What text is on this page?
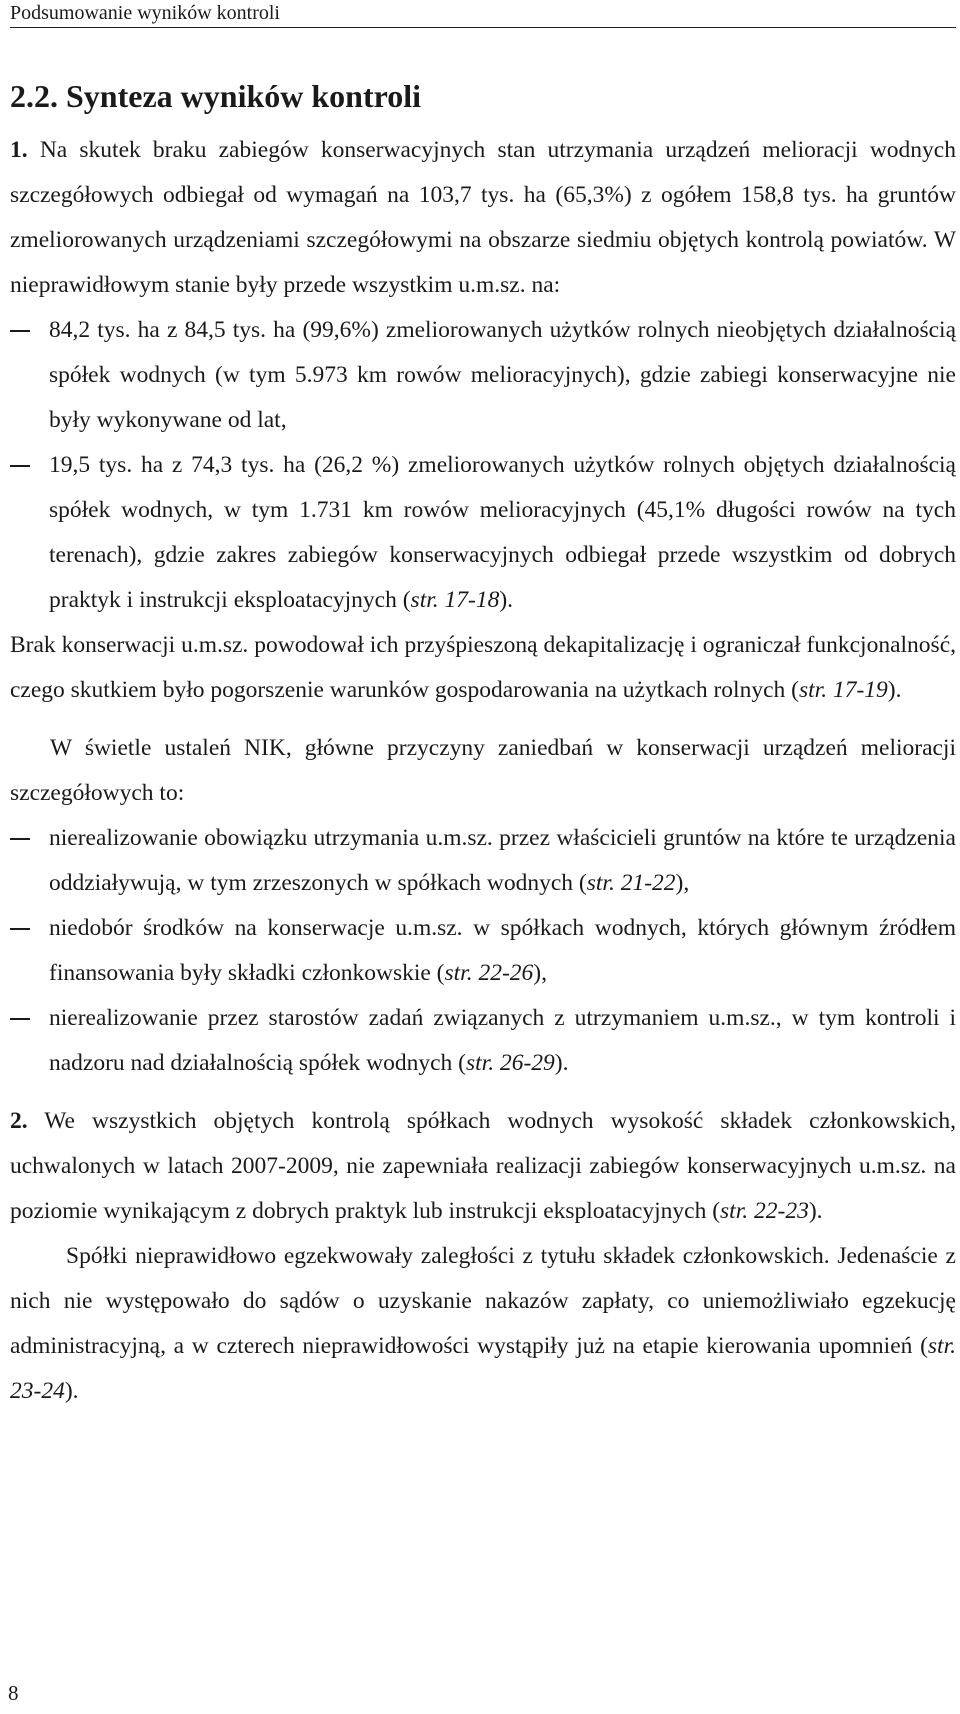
Podsumowanie wyników kontroli
2.2. Synteza wyników kontroli

1. Na skutek braku zabiegów konserwacyjnych stan utrzymania urządzeń melioracji wodnych szczegółowych odbiegał od wymagań na 103,7 tys. ha (65,3%) z ogółem 158,8 tys. ha gruntów zmeliorowanych urządzeniami szczegółowymi na obszarze siedmiu objętych kontrolą powiatów. W nieprawidłowym stanie były przede wszystkim u.m.sz. na:

84,2 tys. ha z 84,5 tys. ha (99,6%) zmeliorowanych użytków rolnych nieobjętych działalnością spółek wodnych (w tym 5.973 km rowów melioracyjnych), gdzie zabiegi konserwacyjne nie były wykonywane od lat,
19,5 tys. ha z 74,3 tys. ha (26,2 %) zmeliorowanych użytków rolnych objętych działalnością spółek wodnych, w tym 1.731 km rowów melioracyjnych (45,1% długości rowów na tych terenach), gdzie zakres zabiegów konserwacyjnych odbiegał przede wszystkim od dobrych praktyk i instrukcji eksploatacyjnych (str. 17-18).

Brak konserwacji u.m.sz. powodował ich przyśpieszoną dekapitalizację i ograniczał funkcjonalność, czego skutkiem było pogorszenie warunków gospodarowania na użytkach rolnych (str. 17-19).

W świetle ustaleń NIK, główne przyczyny zaniedbań w konserwacji urządzeń melioracji szczegółowych to:

nierealizowanie obowiązku utrzymania u.m.sz. przez właścicieli gruntów na które te urządzenia oddziaływują, w tym zrzeszonych w spółkach wodnych (str. 21-22),
niedobór środków na konserwacje u.m.sz. w spółkach wodnych, których głównym źródłem finansowania były składki członkowskie (str. 22-26),
nierealizowanie przez starostów zadań związanych z utrzymaniem u.m.sz., w tym kontroli i nadzoru nad działalnością spółek wodnych (str. 26-29).

2. We wszystkich objętych kontrolą spółkach wodnych wysokość składek członkowskich, uchwalonych w latach 2007-2009, nie zapewniała realizacji zabiegów konserwacyjnych u.m.sz. na poziomie wynikającym z dobrych praktyk lub instrukcji eksploatacyjnych (str. 22-23).

Spółki nieprawidłowo egzekwowały zaległości z tytułu składek członkowskich. Jedenaście z nich nie występowało do sądów o uzyskanie nakazów zapłaty, co uniemożliwiało egzekucję administracyjną, a w czterech nieprawidłowości wystąpiły już na etapie kierowania upomnień (str. 23-24).

8
